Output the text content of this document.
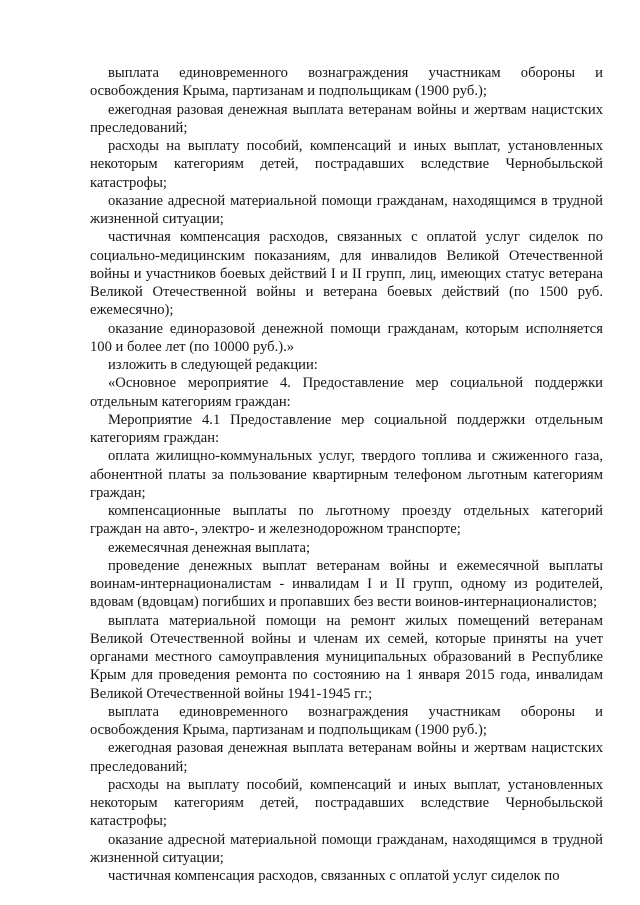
выплата единовременного вознаграждения участникам обороны и освобождения Крыма, партизанам и подпольщикам (1900 руб.);

ежегодная разовая денежная выплата ветеранам войны и жертвам нацистских преследований;

расходы на выплату пособий, компенсаций и иных выплат, установленных некоторым категориям детей, пострадавших вследствие Чернобыльской катастрофы;

оказание адресной материальной помощи гражданам, находящимся в трудной жизненной ситуации;

частичная компенсация расходов, связанных с оплатой услуг сиделок по социально-медицинским показаниям, для инвалидов Великой Отечественной войны и участников боевых действий I и II групп, лиц, имеющих статус ветерана Великой Отечественной войны и ветерана боевых действий (по 1500 руб. ежемесячно);

оказание единоразовой денежной помощи гражданам, которым исполняется 100 и более лет (по 10000 руб.).»

изложить в следующей редакции:

«Основное мероприятие 4. Предоставление мер социальной поддержки отдельным категориям граждан:

Мероприятие 4.1 Предоставление мер социальной поддержки отдельным категориям граждан:

оплата жилищно-коммунальных услуг, твердого топлива и сжиженного газа, абонентной платы за пользование квартирным телефоном льготным категориям граждан;

компенсационные выплаты по льготному проезду отдельных категорий граждан на авто-, электро- и железнодорожном транспорте;

ежемесячная денежная выплата;

проведение денежных выплат ветеранам войны и ежемесячной выплаты воинам-интернационалистам - инвалидам I и II групп, одному из родителей, вдовам (вдовцам) погибших и пропавших без вести воинов-интернационалистов;

выплата материальной помощи на ремонт жилых помещений ветеранам Великой Отечественной войны и членам их семей, которые приняты на учет органами местного самоуправления муниципальных образований в Республике Крым для проведения ремонта по состоянию на 1 января 2015 года, инвалидам Великой Отечественной войны 1941-1945 гг.;

выплата единовременного вознаграждения участникам обороны и освобождения Крыма, партизанам и подпольщикам (1900 руб.);

ежегодная разовая денежная выплата ветеранам войны и жертвам нацистских преследований;

расходы на выплату пособий, компенсаций и иных выплат, установленных некоторым категориям детей, пострадавших вследствие Чернобыльской катастрофы;

оказание адресной материальной помощи гражданам, находящимся в трудной жизненной ситуации;

частичная компенсация расходов, связанных с оплатой услуг сиделок по
